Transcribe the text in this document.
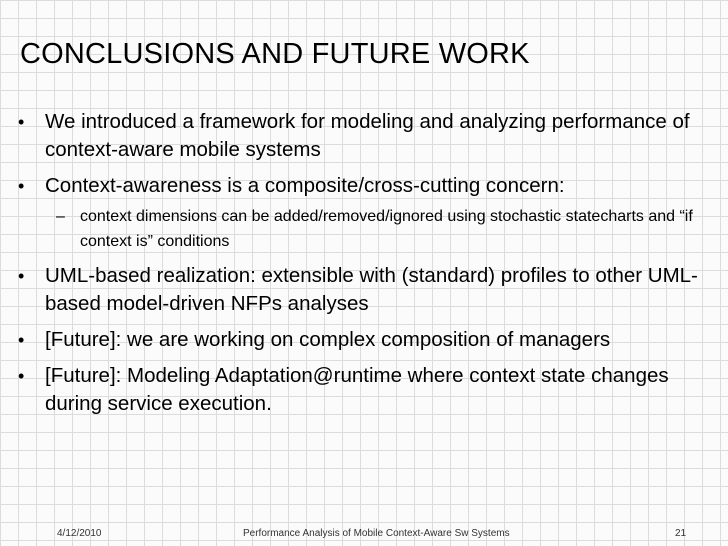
CONCLUSIONS AND FUTURE WORK
•	We introduced a framework for modeling and analyzing performance of context-aware mobile systems
•	Context-awareness is a composite/cross-cutting concern:
– context dimensions can be added/removed/ignored using stochastic statecharts and “if context is” conditions
•	UML-based realization: extensible with (standard) profiles to other UML-based model-driven NFPs analyses
•	[Future]: we are working on complex composition of managers
•	[Future]: Modeling Adaptation@runtime where context state changes during service execution.
4/12/2010	Performance Analysis of Mobile Context-Aware Sw Systems	21
